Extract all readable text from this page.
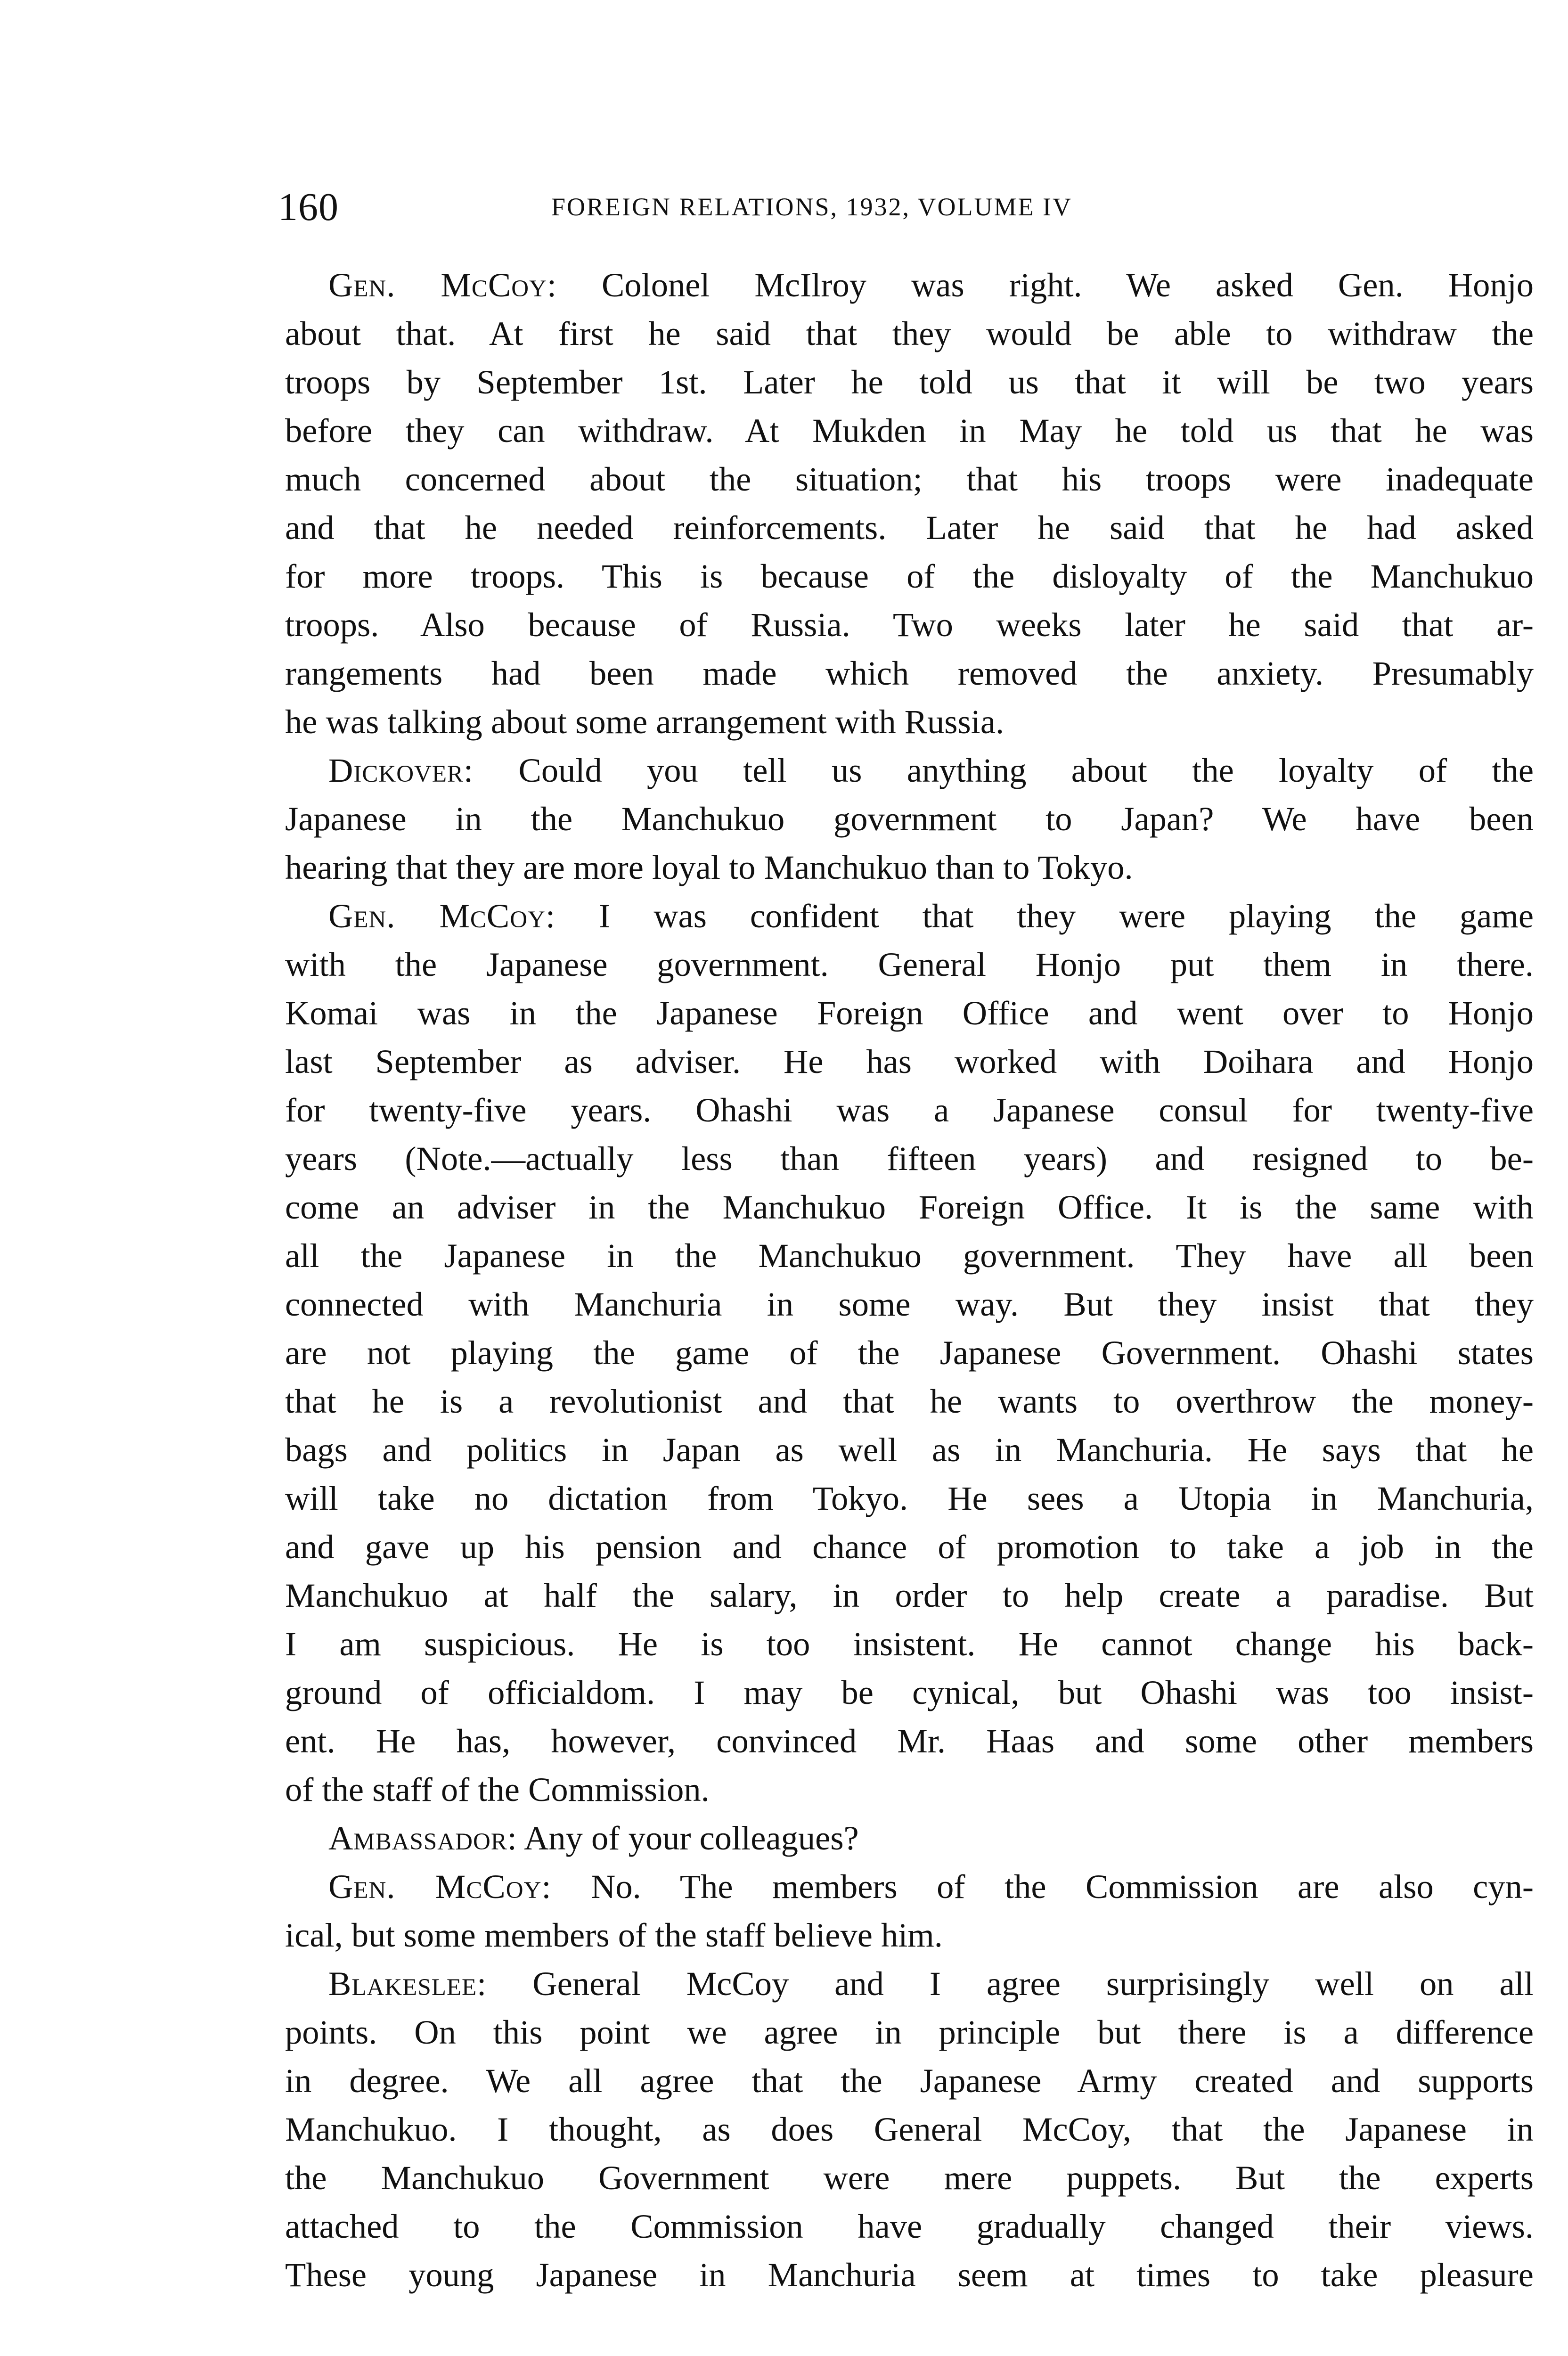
160	FOREIGN RELATIONS, 1932, VOLUME IV
Gen. McCoy: Colonel McIlroy was right. We asked Gen. Honjo
about that. At first he said that they would be able to withdraw the
troops by September 1st. Later he told us that it will be two years
before they can withdraw. At Mukden in May he told us that he was
much concerned about the situation; that his troops were inadequate
and that he needed reinforcements. Later he said that he had asked
for more troops. This is because of the disloyalty of the Manchukuo
troops. Also because of Russia. Two weeks later he said that ar-
rangements had been made which removed the anxiety. Presumably
he was talking about some arrangement with Russia.
Dickover: Could you tell us anything about the loyalty of the
Japanese in the Manchukuo government to Japan? We have been
hearing that they are more loyal to Manchukuo than to Tokyo.
Gen. McCoy: I was confident that they were playing the game
with the Japanese government. General Honjo put them in there.
Komai was in the Japanese Foreign Office and went over to Honjo
last September as adviser. He has worked with Doihara and Honjo
for twenty-five years. Ohashi was a Japanese consul for twenty-five
years (Note.—actually less than fifteen years) and resigned to be-
come an adviser in the Manchukuo Foreign Office. It is the same with
all the Japanese in the Manchukuo government. They have all been
connected with Manchuria in some way. But they insist that they
are not playing the game of the Japanese Government. Ohashi states
that he is a revolutionist and that he wants to overthrow the money-
bags and politics in Japan as well as in Manchuria. He says that he
will take no dictation from Tokyo. He sees a Utopia in Manchuria,
and gave up his pension and chance of promotion to take a job in the
Manchukuo at half the salary, in order to help create a paradise. But
I am suspicious. He is too insistent. He cannot change his back-
ground of officialdom. I may be cynical, but Ohashi was too insist-
ent. He has, however, convinced Mr. Haas and some other members
of the staff of the Commission.
Ambassador: Any of your colleagues?
Gen. McCoy: No. The members of the Commission are also cyn-
ical, but some members of the staff believe him.
Blakeslee: General McCoy and I agree surprisingly well on all
points. On this point we agree in principle but there is a difference
in degree. We all agree that the Japanese Army created and supports
Manchukuo. I thought, as does General McCoy, that the Japanese in
the Manchukuo Government were mere puppets. But the experts
attached to the Commission have gradually changed their views.
These young Japanese in Manchuria seem at times to take pleasure
